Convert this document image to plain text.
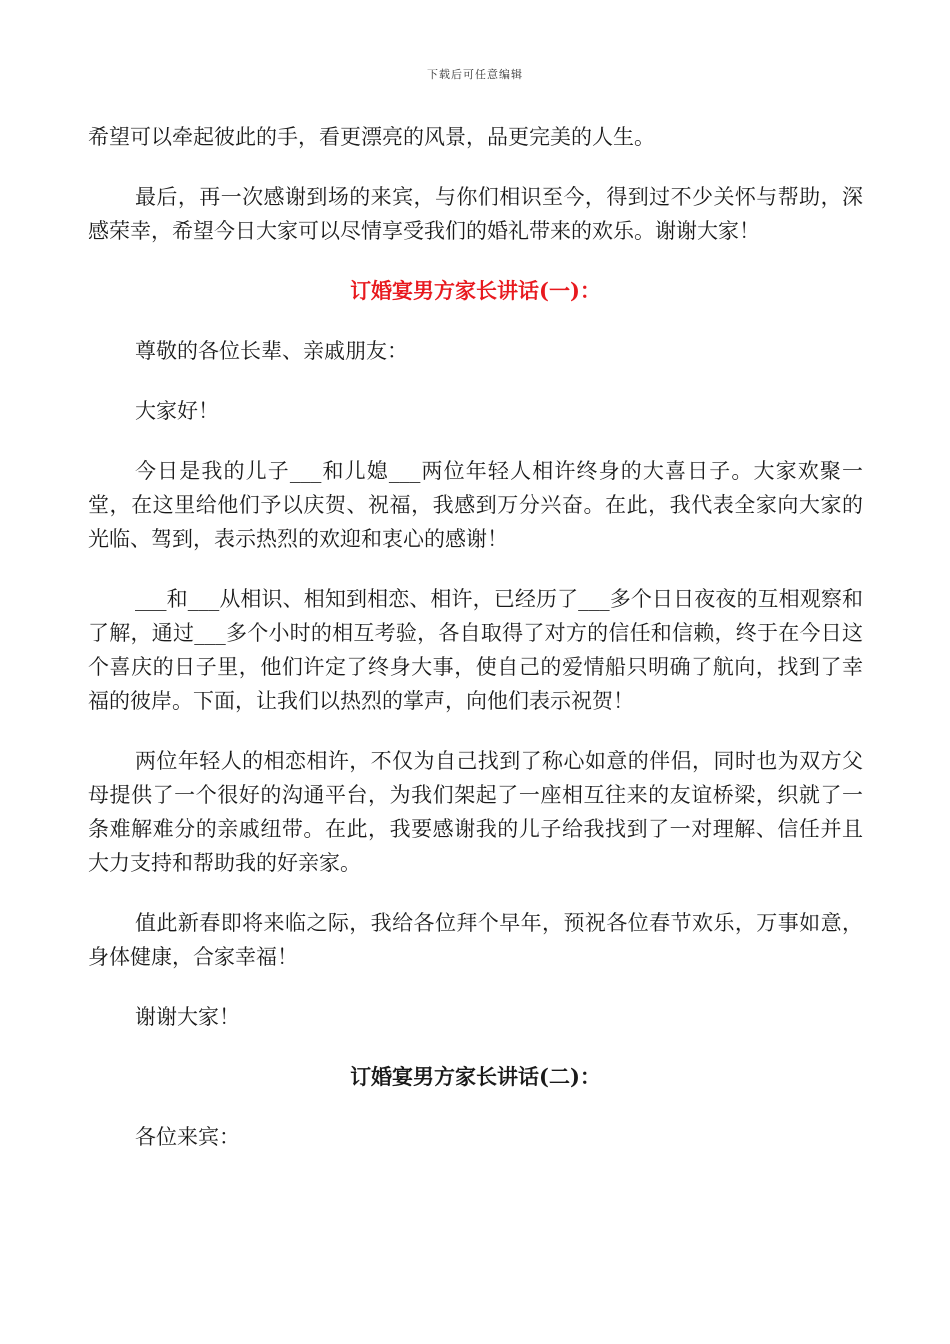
下载后可任意编辑

希望可以牵起彼此的手，看更漂亮的风景，品更完美的人生。

最后，再一次感谢到场的来宾，与你们相识至今，得到过不少关怀与帮助，深感荣幸，希望今日大家可以尽情享受我们的婚礼带来的欢乐。谢谢大家！

订婚宴男方家长讲话(一)：

尊敬的各位长辈、亲戚朋友：

大家好！

今日是我的儿子___和儿媳___两位年轻人相许终身的大喜日子。大家欢聚一堂，在这里给他们予以庆贺、祝福，我感到万分兴奋。在此，我代表全家向大家的光临、驾到，表示热烈的欢迎和衷心的感谢！

___和___从相识、相知到相恋、相许，已经历了___多个日日夜夜的互相观察和了解，通过___多个小时的相互考验，各自取得了对方的信任和信赖，终于在今日这个喜庆的日子里，他们许定了终身大事，使自己的爱情船只明确了航向，找到了幸福的彼岸。下面，让我们以热烈的掌声，向他们表示祝贺！

两位年轻人的相恋相许，不仅为自己找到了称心如意的伴侣，同时也为双方父母提供了一个很好的沟通平台，为我们架起了一座相互往来的友谊桥梁，织就了一条难解难分的亲戚纽带。在此，我要感谢我的儿子给我找到了一对理解、信任并且大力支持和帮助我的好亲家。

值此新春即将来临之际，我给各位拜个早年，预祝各位春节欢乐，万事如意，身体健康，合家幸福！

谢谢大家！

订婚宴男方家长讲话(二)：

各位来宾：
